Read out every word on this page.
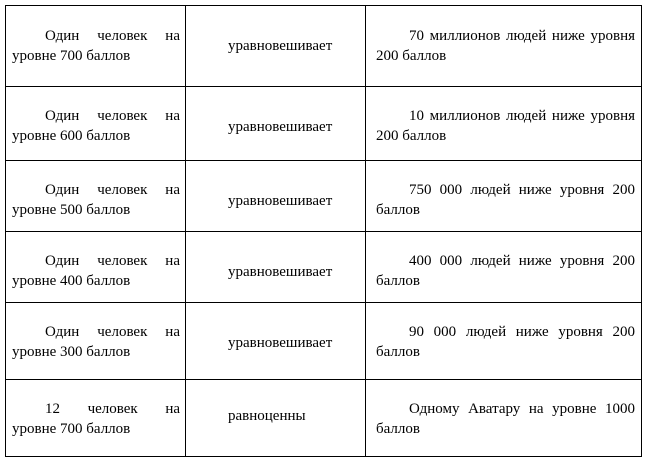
Один человек на уровне 700 баллов	уравновешивает	70 миллионов людей ниже уровня 200 баллов

Один человек на уровне 600 баллов	уравновешивает	10 миллионов людей ниже уровня 200 баллов

Один человек на уровне 500 баллов	уравновешивает	750 000 людей ниже уровня 200 баллов

Один человек на уровне 400 баллов	уравновешивает	400 000 людей ниже уровня 200 баллов

Один человек на уровне 300 баллов	уравновешивает	90 000 людей ниже уровня 200 баллов

12 человек на уровне 700 баллов	равноценны	Одному Аватару на уровне 1000 баллов
